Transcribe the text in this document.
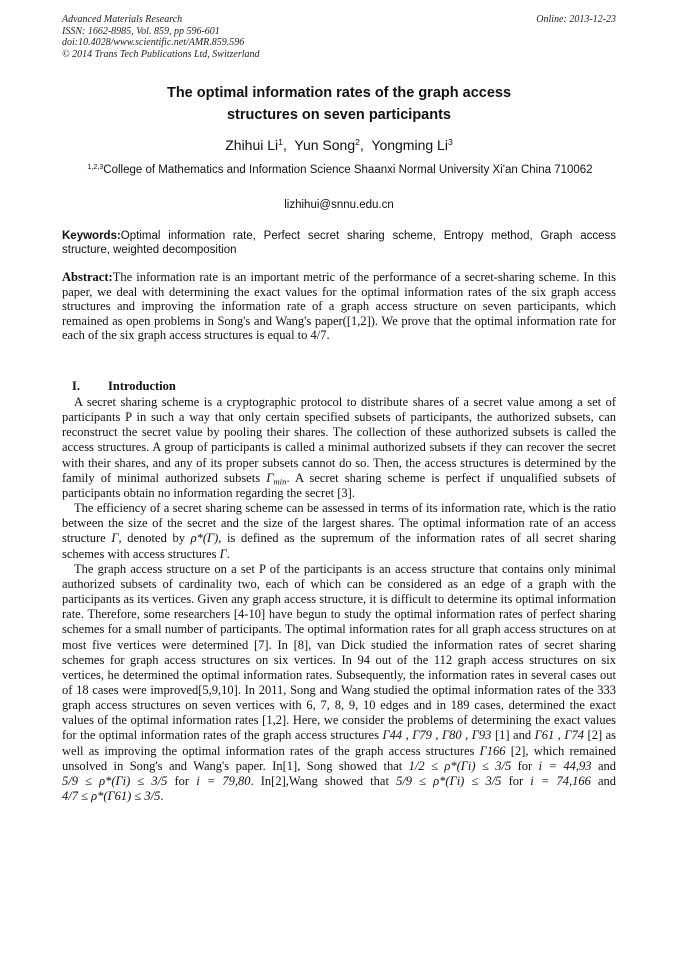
Advanced Materials Research
ISSN: 1662-8985, Vol. 859, pp 596-601
doi:10.4028/www.scientific.net/AMR.859.596
© 2014 Trans Tech Publications Ltd, Switzerland
Online: 2013-12-23
The optimal information rates of the graph access
structures on seven participants
Zhihui Li$^1$,  Yun Song$^2$,  Yongming Li$^3$
$^{1,2,3}$College of Mathematics and Information Science Shaanxi Normal University Xi'an China 710062
lizhihui@snnu.edu.cn
Keywords:Optimal information rate, Perfect secret sharing scheme, Entropy method, Graph access structure, weighted decomposition
Abstract:The information rate is an important metric of the performance of a secret-sharing scheme. In this paper, we deal with determining the exact values for the optimal information rates of the six graph access structures and improving the information rate of a graph access structure on seven participants, which remained as open problems in Song's and Wang's paper([1,2]). We prove that the optimal information rate for each of the six graph access structures is equal to 4/7.
I. Introduction

A secret sharing scheme is a cryptographic protocol to distribute shares of a secret value among a set of participants P in such a way that only certain specified subsets of participants, the authorized subsets, can reconstruct the secret value by pooling their shares. The collection of these authorized subsets is called the access structures. A group of participants is called a minimal authorized subsets if they can recover the secret with their shares, and any of its proper subsets cannot do so. Then, the access structures is determined by the family of minimal authorized subsets $\Gamma_{min}$. A secret sharing scheme is perfect if unqualified subsets of participants obtain no information regarding the secret [3].

The efficiency of a secret sharing scheme can be assessed in terms of its information rate, which is the ratio between the size of the secret and the size of the largest shares. The optimal information rate of an access structure Γ, denoted by ρ*(Γ), is defined as the supremum of the information rates of all secret sharing schemes with access structures Γ.

The graph access structure on a set P of the participants is an access structure that contains only minimal authorized subsets of cardinality two, each of which can be considered as an edge of a graph with the participants as its vertices. Given any graph access structure, it is difficult to determine its optimal information rate. Therefore, some researchers [4-10] have begun to study the optimal information rates of perfect sharing schemes for a small number of participants. The optimal information rates for all graph access structures on at most five vertices were determined [7]. In [8], van Dick studied the information rates of secret sharing schemes for graph access structures on six vertices. In 94 out of the 112 graph access structures on six vertices, he determined the optimal information rates. Subsequently, the information rates in several cases out of 18 cases were improved[5,9,10]. In 2011, Song and Wang studied the optimal information rates of the 333 graph access structures on seven vertices with 6, 7, 8, 9, 10 edges and in 189 cases, determined the exact values of the optimal information rates [1,2]. Here, we consider the problems of determining the exact values for the optimal information rates of the graph access structures Γ44 , Γ79 , Γ80 , Γ93 [1] and Γ61 , Γ74 [2] as well as improving the optimal information rates of the graph access structures Γ166 [2], which remained unsolved in Song's and Wang's paper. In[1], Song showed that 1/2 ≤ ρ*(Γi) ≤ 3/5 for i = 44,93 and 5/9 ≤ ρ*(Γi) ≤ 3/5 for i = 79,80. In[2],Wang showed that 5/9 ≤ ρ*(Γi) ≤ 3/5 for i = 74,166 and 4/7 ≤ ρ*(Γ61) ≤ 3/5.
